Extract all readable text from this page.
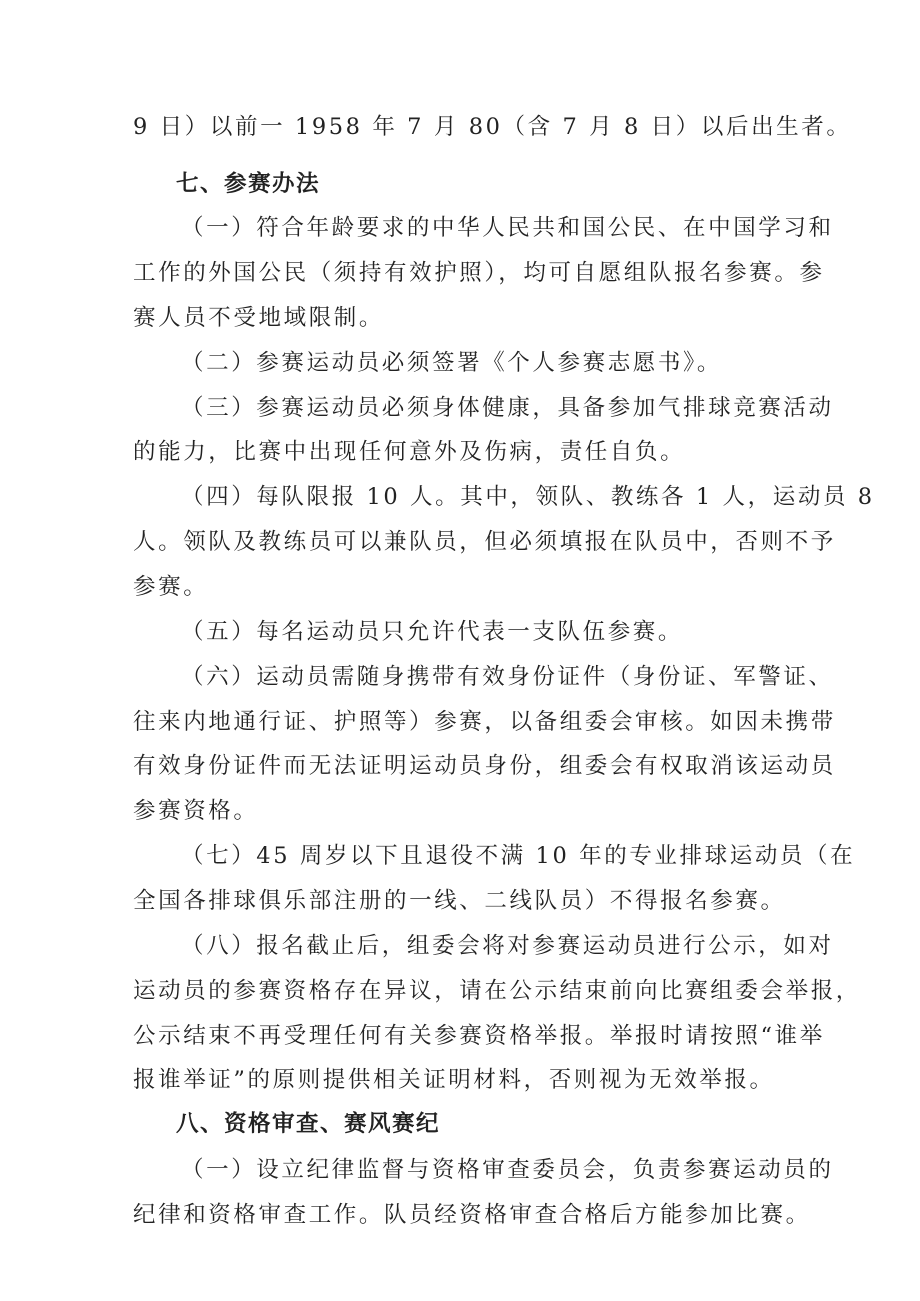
9 日）以前一 1958 年 7 月 80（含 7 月 8 日）以后出生者。
七、参赛办法
（一）符合年龄要求的中华人民共和国公民、在中国学习和
工作的外国公民（须持有效护照），均可自愿组队报名参赛。参
赛人员不受地域限制。
（二）参赛运动员必须签署《个人参赛志愿书》。
（三）参赛运动员必须身体健康，具备参加气排球竞赛活动
的能力，比赛中出现任何意外及伤病，责任自负。
（四）每队限报 10 人。其中，领队、教练各 1 人，运动员 8
人。领队及教练员可以兼队员，但必须填报在队员中，否则不予
参赛。
（五）每名运动员只允许代表一支队伍参赛。
（六）运动员需随身携带有效身份证件（身份证、军警证、
往来内地通行证、护照等）参赛，以备组委会审核。如因未携带
有效身份证件而无法证明运动员身份，组委会有权取消该运动员
参赛资格。
（七）45 周岁以下且退役不满 10 年的专业排球运动员（在
全国各排球俱乐部注册的一线、二线队员）不得报名参赛。
（八）报名截止后，组委会将对参赛运动员进行公示，如对
运动员的参赛资格存在异议，请在公示结束前向比赛组委会举报，
公示结束不再受理任何有关参赛资格举报。举报时请按照“谁举
报谁举证”的原则提供相关证明材料，否则视为无效举报。
八、资格审查、赛风赛纪
（一）设立纪律监督与资格审查委员会，负责参赛运动员的
纪律和资格审查工作。队员经资格审查合格后方能参加比赛。
